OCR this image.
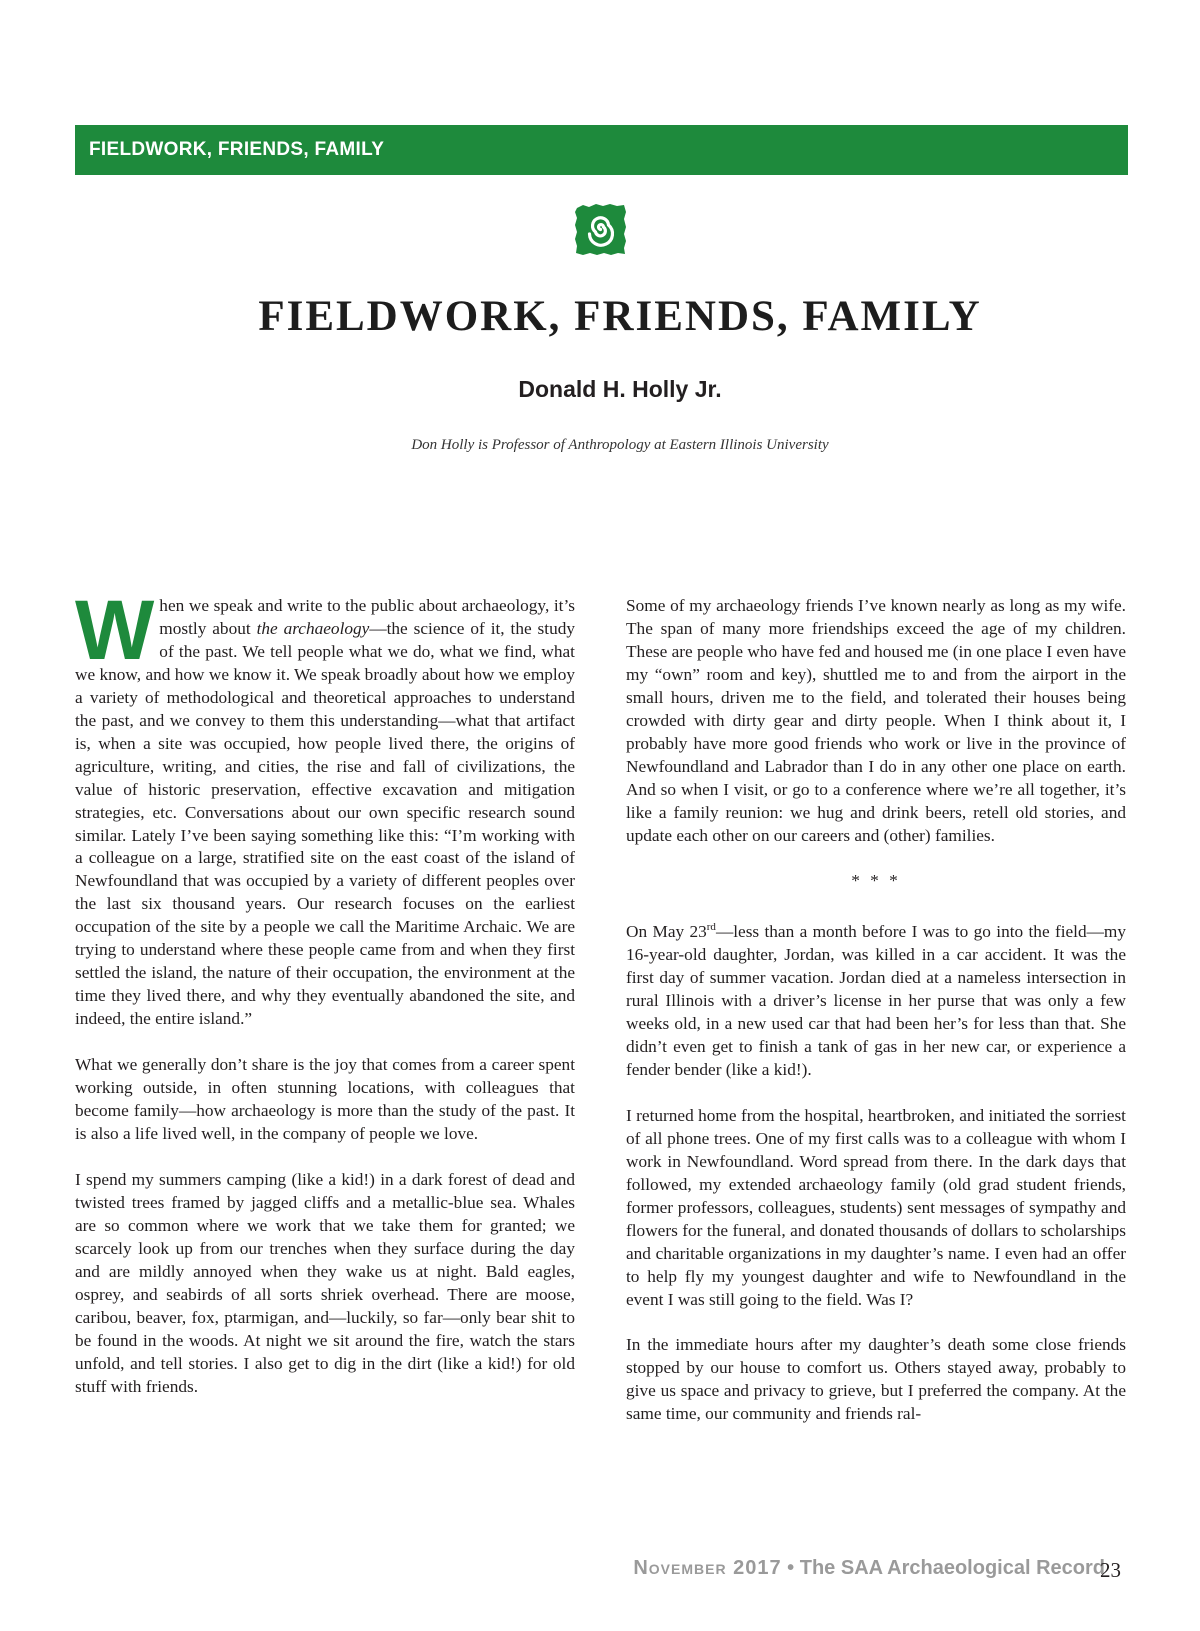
FIELDWORK, FRIENDS, FAMILY
FIELDWORK, FRIENDS, FAMILY
Donald H. Holly Jr.
Don Holly is Professor of Anthropology at Eastern Illinois University

When we speak and write to the public about archaeology, it’s mostly about the archaeology—the science of it, the study of the past. We tell people what we do, what we find, what we know, and how we know it. We speak broadly about how we employ a variety of methodological and theoretical approaches to understand the past, and we convey to them this understanding—what that artifact is, when a site was occupied, how people lived there, the origins of agriculture, writing, and cities, the rise and fall of civilizations, the value of historic preservation, effective excavation and mitigation strategies, etc. Conversations about our own specific research sound similar. Lately I’ve been saying something like this: “I’m working with a colleague on a large, stratified site on the east coast of the island of Newfoundland that was occupied by a variety of different peoples over the last six thousand years. Our research focuses on the earliest occupation of the site by a people we call the Maritime Archaic. We are trying to understand where these people came from and when they first settled the island, the nature of their occupation, the environment at the time they lived there, and why they eventually abandoned the site, and indeed, the entire island.”

What we generally don’t share is the joy that comes from a career spent working outside, in often stunning locations, with colleagues that become family—how archaeology is more than the study of the past. It is also a life lived well, in the company of people we love.

I spend my summers camping (like a kid!) in a dark forest of dead and twisted trees framed by jagged cliffs and a metallic-blue sea. Whales are so common where we work that we take them for granted; we scarcely look up from our trenches when they surface during the day and are mildly annoyed when they wake us at night. Bald eagles, osprey, and seabirds of all sorts shriek overhead. There are moose, caribou, beaver, fox, ptarmigan, and—luckily, so far—only bear shit to be found in the woods. At night we sit around the fire, watch the stars unfold, and tell stories. I also get to dig in the dirt (like a kid!) for old stuff with friends.

Some of my archaeology friends I’ve known nearly as long as my wife. The span of many more friendships exceed the age of my children. These are people who have fed and housed me (in one place I even have my “own” room and key), shuttled me to and from the airport in the small hours, driven me to the field, and tolerated their houses being crowded with dirty gear and dirty people. When I think about it, I probably have more good friends who work or live in the province of Newfoundland and Labrador than I do in any other one place on earth. And so when I visit, or go to a conference where we’re all together, it’s like a family reunion: we hug and drink beers, retell old stories, and update each other on our careers and (other) families.

* * *

On May 23rd—less than a month before I was to go into the field—my 16-year-old daughter, Jordan, was killed in a car accident. It was the first day of summer vacation. Jordan died at a nameless intersection in rural Illinois with a driver’s license in her purse that was only a few weeks old, in a new used car that had been her’s for less than that. She didn’t even get to finish a tank of gas in her new car, or experience a fender bender (like a kid!).

I returned home from the hospital, heartbroken, and initiated the sorriest of all phone trees. One of my first calls was to a colleague with whom I work in Newfoundland. Word spread from there. In the dark days that followed, my extended archaeology family (old grad student friends, former professors, colleagues, students) sent messages of sympathy and flowers for the funeral, and donated thousands of dollars to scholarships and charitable organizations in my daughter’s name. I even had an offer to help fly my youngest daughter and wife to Newfoundland in the event I was still going to the field. Was I?

In the immediate hours after my daughter’s death some close friends stopped by our house to comfort us. Others stayed away, probably to give us space and privacy to grieve, but I preferred the company. At the same time, our community and friends ral-

November 2017 • The SAA Archaeological Record
23
